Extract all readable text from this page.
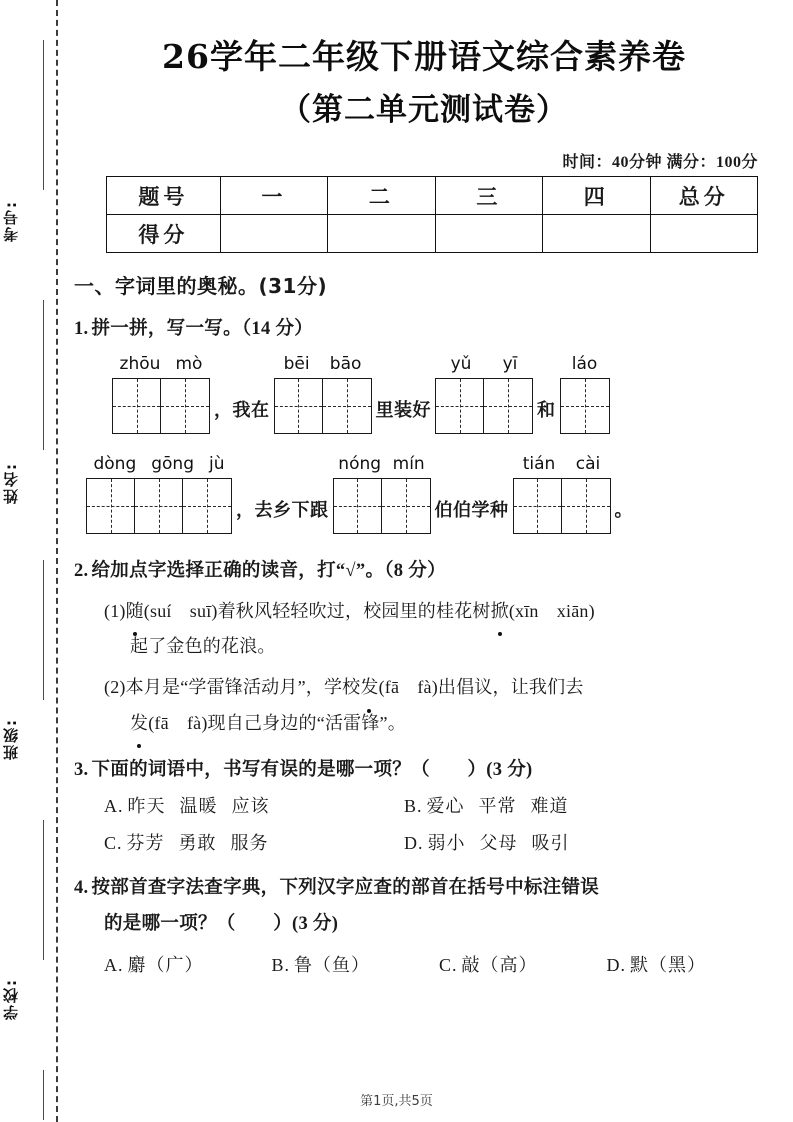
考号:
姓名:
班级:
学校:
26学年二年级下册语文综合素养卷
（第二单元测试卷）
时间：40分钟 满分：100分
题号	一	二	三	四	总分
得分					
一、字词里的奥秘。(31分)
1. 拼一拼，写一写。（14 分）
zhōu mò
，我在
bēi	bāo
里装好
yǔ	yī
和
láo
dòng gōng jù
，去乡下跟
nóng mín
伯伯学种
tián	cài
。
2. 给加点字选择正确的读音，打“√”。（8 分）
(1)随(suí　suī)着秋风轻轻吹过，校园里的桂花树掀(xīn　xiān)
起了金色的花浪。
(2)本月是“学雷锋活动月”，学校发(fā　fà)出倡议，让我们去
发(fā　fà)现自己身边的“活雷锋”。
3. 下面的词语中，书写有误的是哪一项？（　　）(3 分)
A. 昨天 温暖 应该	B. 爱心 平常 难道
C. 芬芳 勇敢 服务	D. 弱小 父母 吸引
4. 按部首查字法查字典，下列汉字应查的部首在括号中标注错误
的是哪一项？（　　）(3 分)
A. 麝（广）	B. 鲁（鱼）	C. 敲（高）	D. 默（黑）
第1页,共5页
